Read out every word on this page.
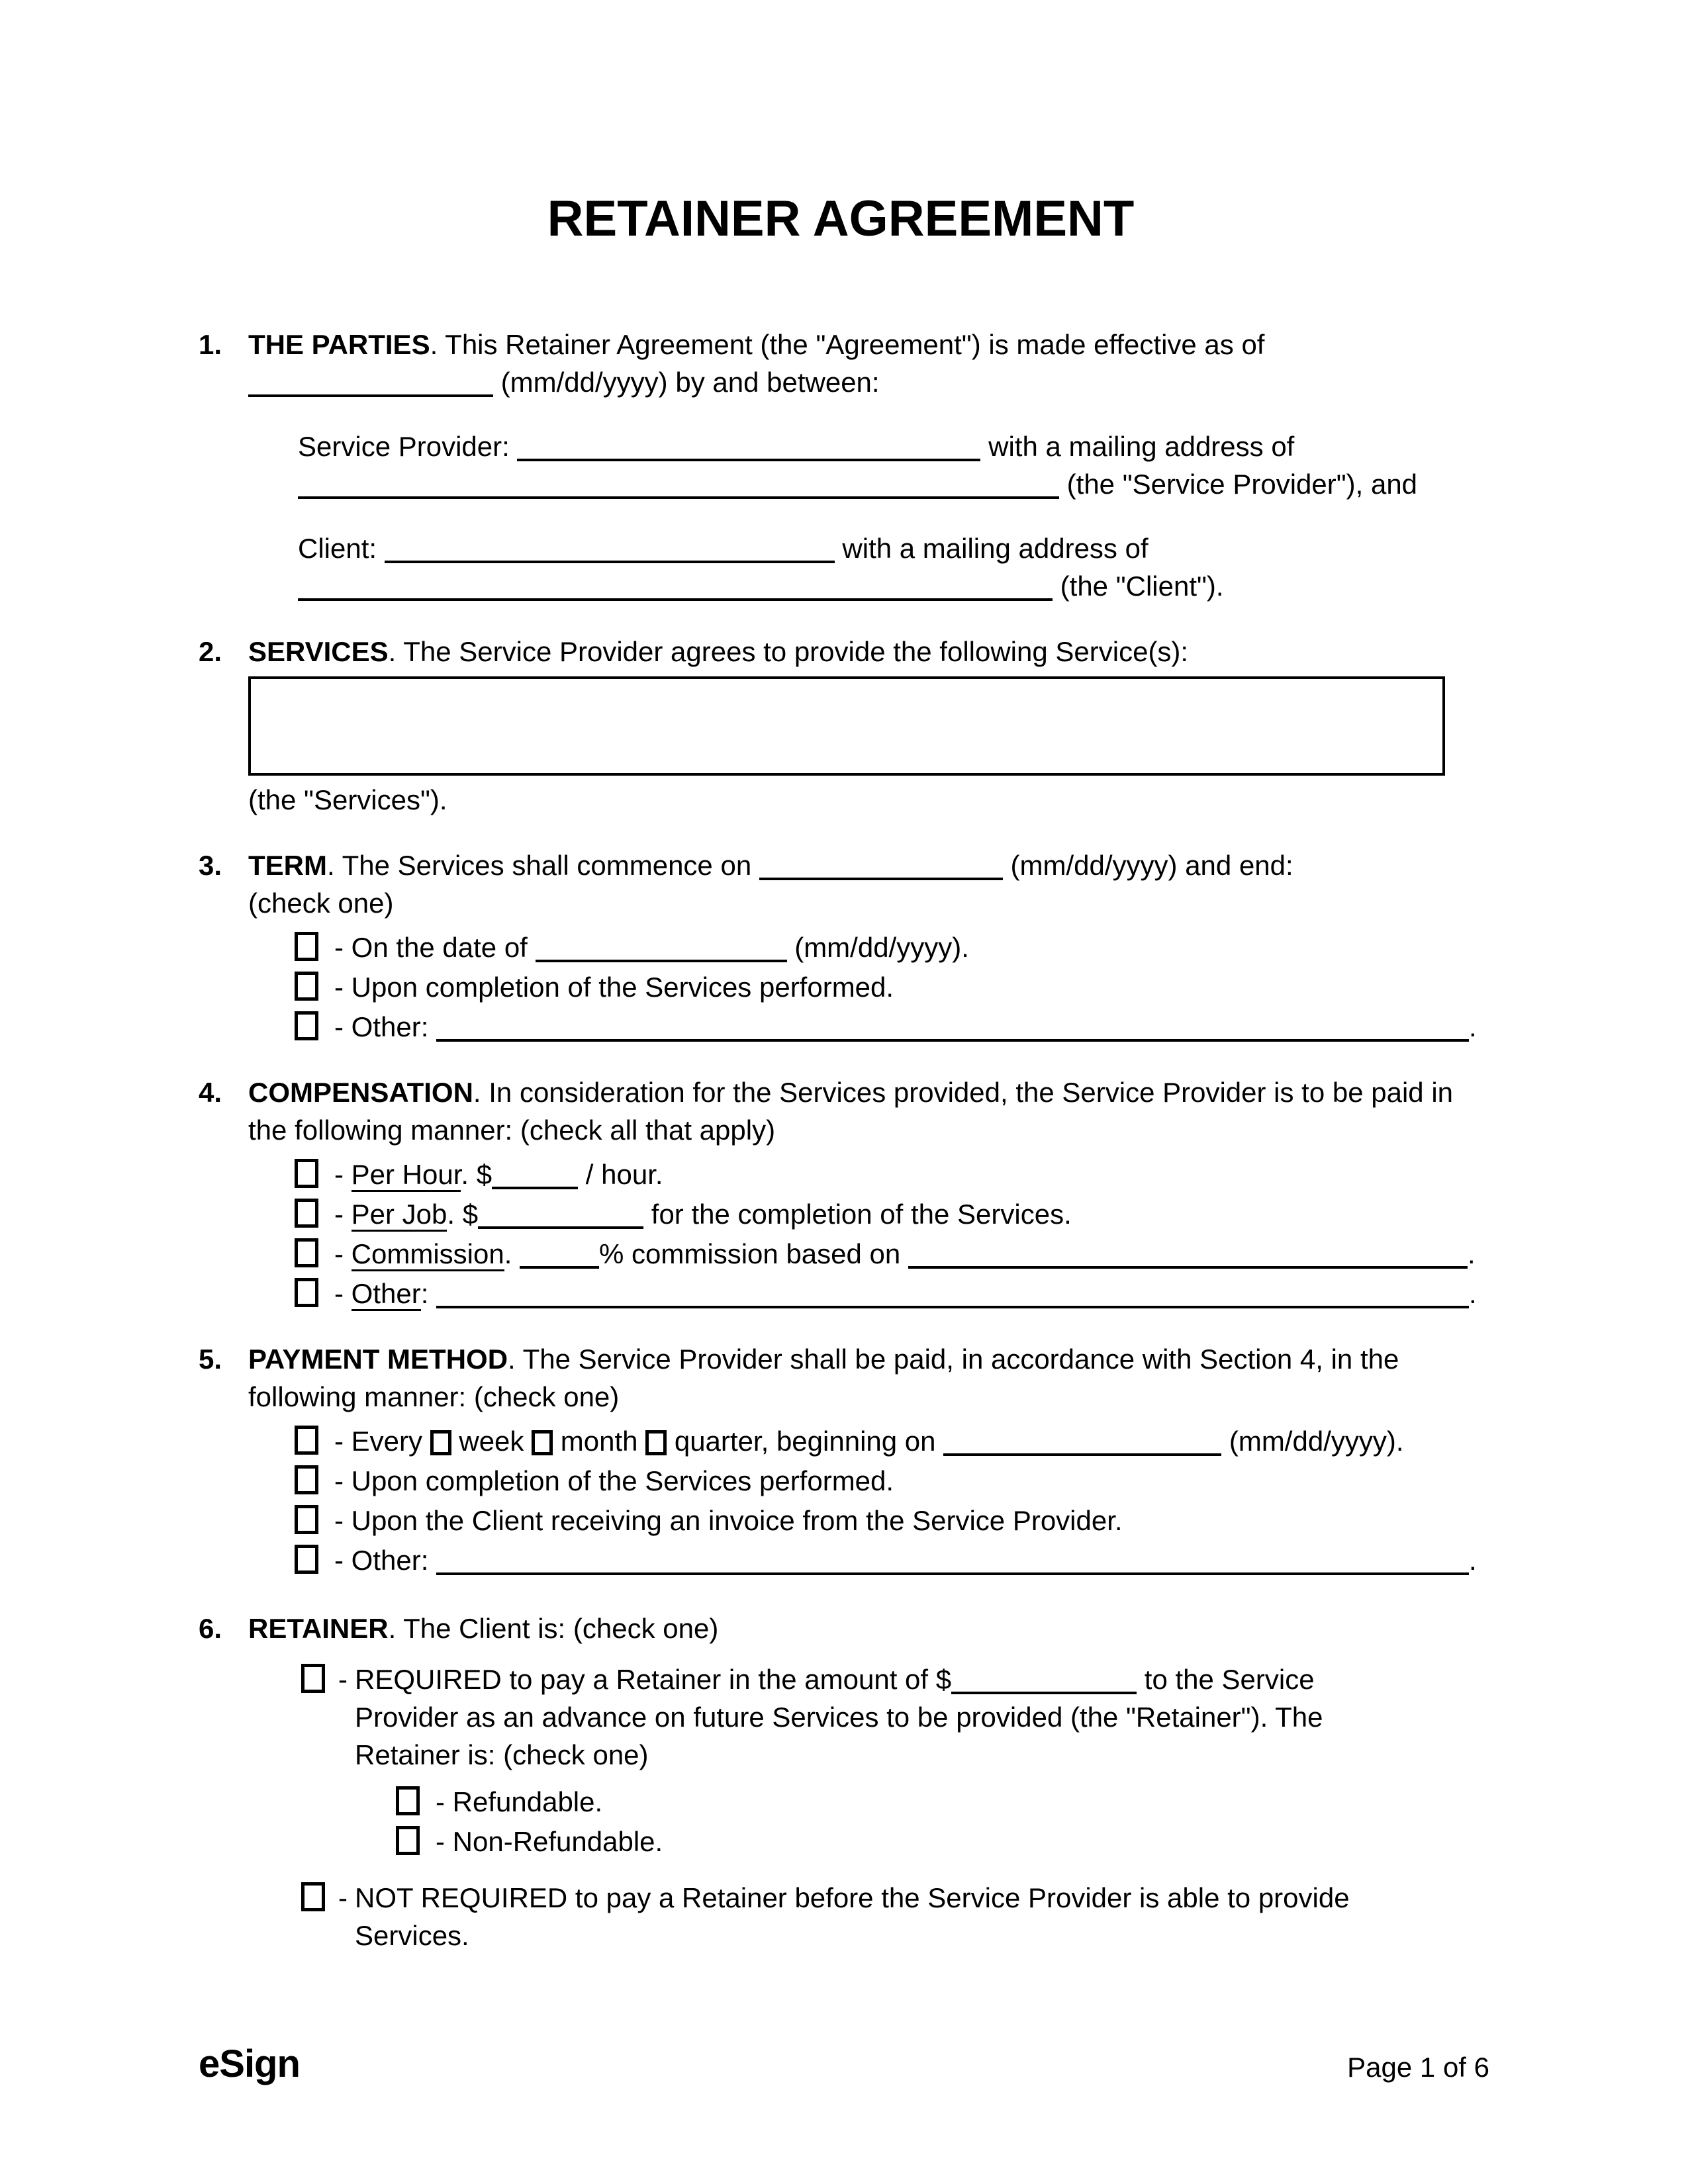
RETAINER AGREEMENT
1. THE PARTIES. This Retainer Agreement (the "Agreement") is made effective as of
(mm/dd/yyyy) by and between:
Service Provider:	with a mailing address of
(the "Service Provider"), and
Client:	with a mailing address of
(the "Client").
2. SERVICES. The Service Provider agrees to provide the following Service(s):
(the "Services").
3. TERM. The Services shall commence on	(mm/dd/yyyy) and end:
(check one)
- On the date of	(mm/dd/yyyy).
- Upon completion of the Services performed.
- Other:	.
4. COMPENSATION. In consideration for the Services provided, the Service Provider is to be paid in the following manner: (check all that apply)
- Per Hour. $	/ hour.
- Per Job. $	for the completion of the Services.
- Commission.	% commission based on	.
- Other:	.
5. PAYMENT METHOD. The Service Provider shall be paid, in accordance with Section 4, in the following manner: (check one)
- Every week month quarter, beginning on	(mm/dd/yyyy).
- Upon completion of the Services performed.
- Upon the Client receiving an invoice from the Service Provider.
- Other:	.
6. RETAINER. The Client is: (check one)
- REQUIRED to pay a Retainer in the amount of $	to the Service Provider as an advance on future Services to be provided (the "Retainer"). The Retainer is: (check one)
- Refundable.
- Non-Refundable.
- NOT REQUIRED to pay a Retainer before the Service Provider is able to provide Services.
eSign	Page 1 of 6
